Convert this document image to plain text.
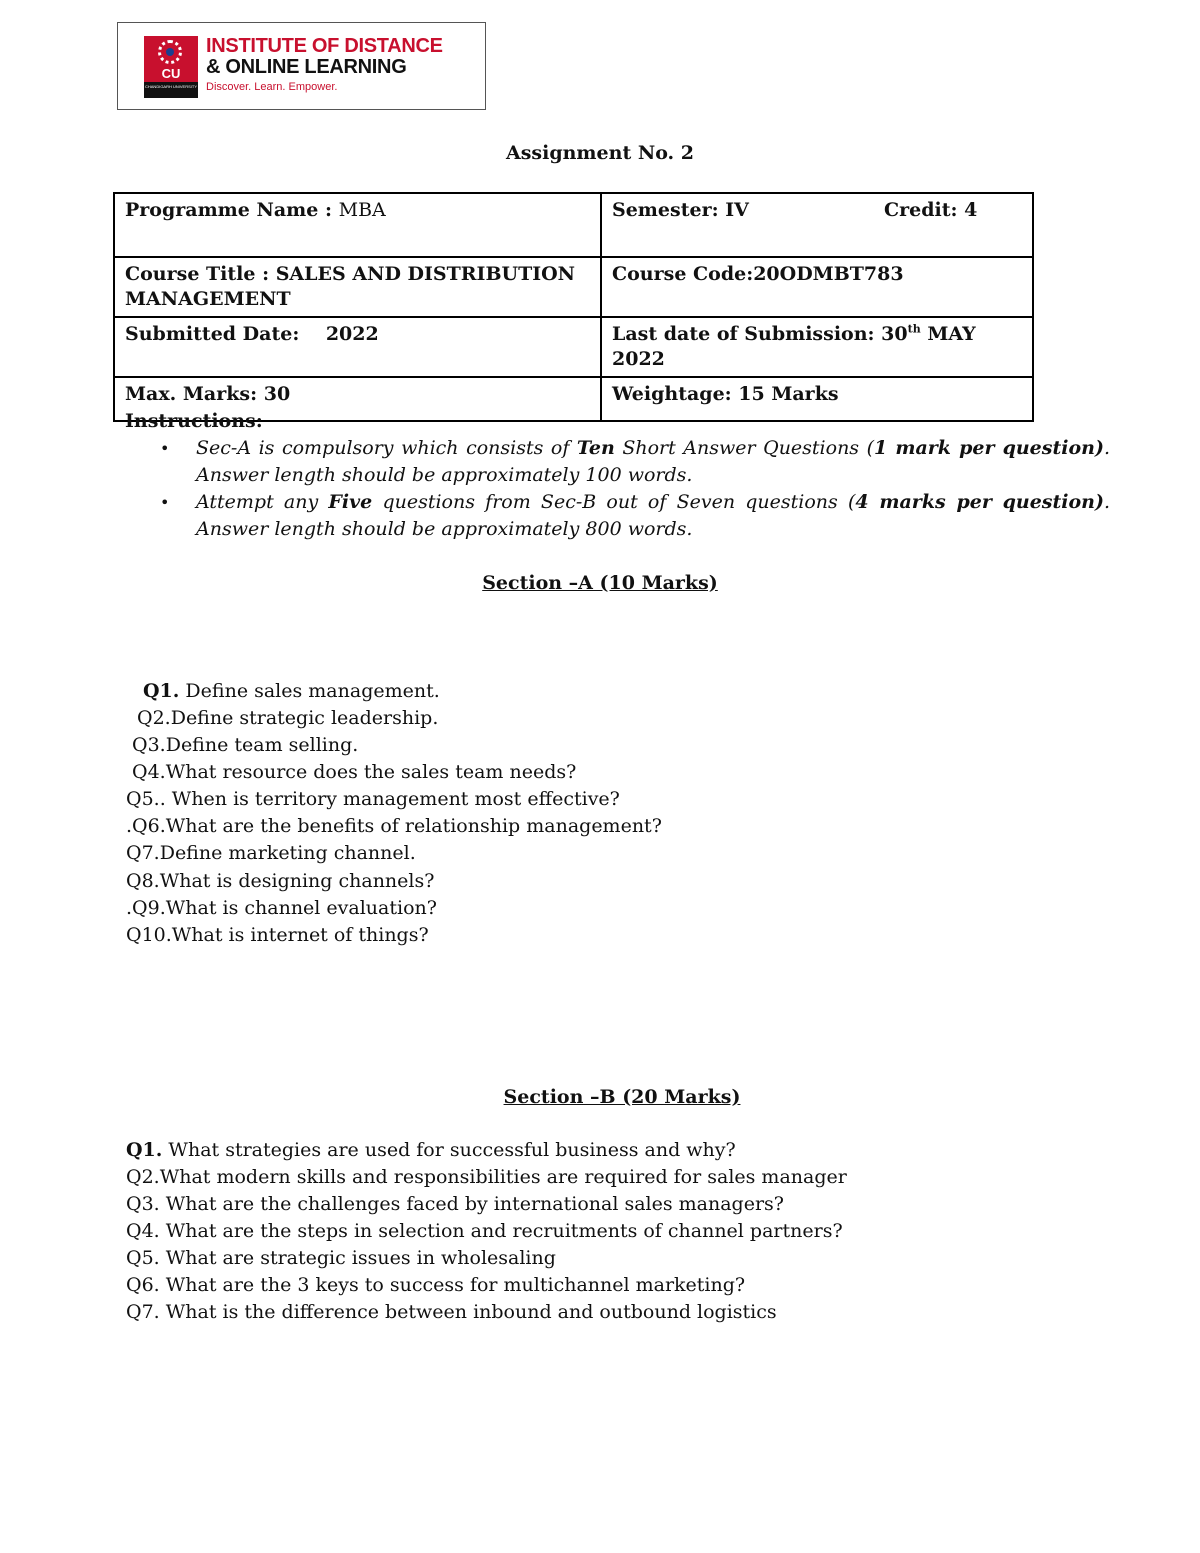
CU
CHANDIGARH UNIVERSITY
INSTITUTE OF DISTANCE
& ONLINE LEARNING
Discover. Learn. Empower.
Assignment No. 2
Programme Name : MBA	Semester: IV Credit: 4

Course Title : SALES AND DISTRIBUTION
MANAGEMENT	Course Code:20ODMBT783
Submitted Date: 2022	Last date of Submission: 30th MAY 2022
Max. Marks: 30	Weightage: 15 Marks
Instructions:
• Sec-A is compulsory which consists of Ten Short Answer Questions (1 mark per question). Answer length should be approximately 100 words.
• Attempt any Five questions from Sec-B out of Seven questions (4 marks per question). Answer length should be approximately 800 words.
Section –A (10 Marks)
Q1. Define sales management.
Q2.Define strategic leadership.
Q3.Define team selling.
Q4.What resource does the sales team needs?
Q5.. When is territory management most effective?
.Q6.What are the benefits of relationship management?
Q7.Define marketing channel.
Q8.What is designing channels?
.Q9.What is channel evaluation?
Q10.What is internet of things?
Section –B (20 Marks)
Q1. What strategies are used for successful business and why?
Q2.What modern skills and responsibilities are required for sales manager
Q3. What are the challenges faced by international sales managers?
Q4. What are the steps in selection and recruitments of channel partners?
Q5. What are strategic issues in wholesaling
Q6. What are the 3 keys to success for multichannel marketing?
Q7. What is the difference between inbound and outbound logistics
